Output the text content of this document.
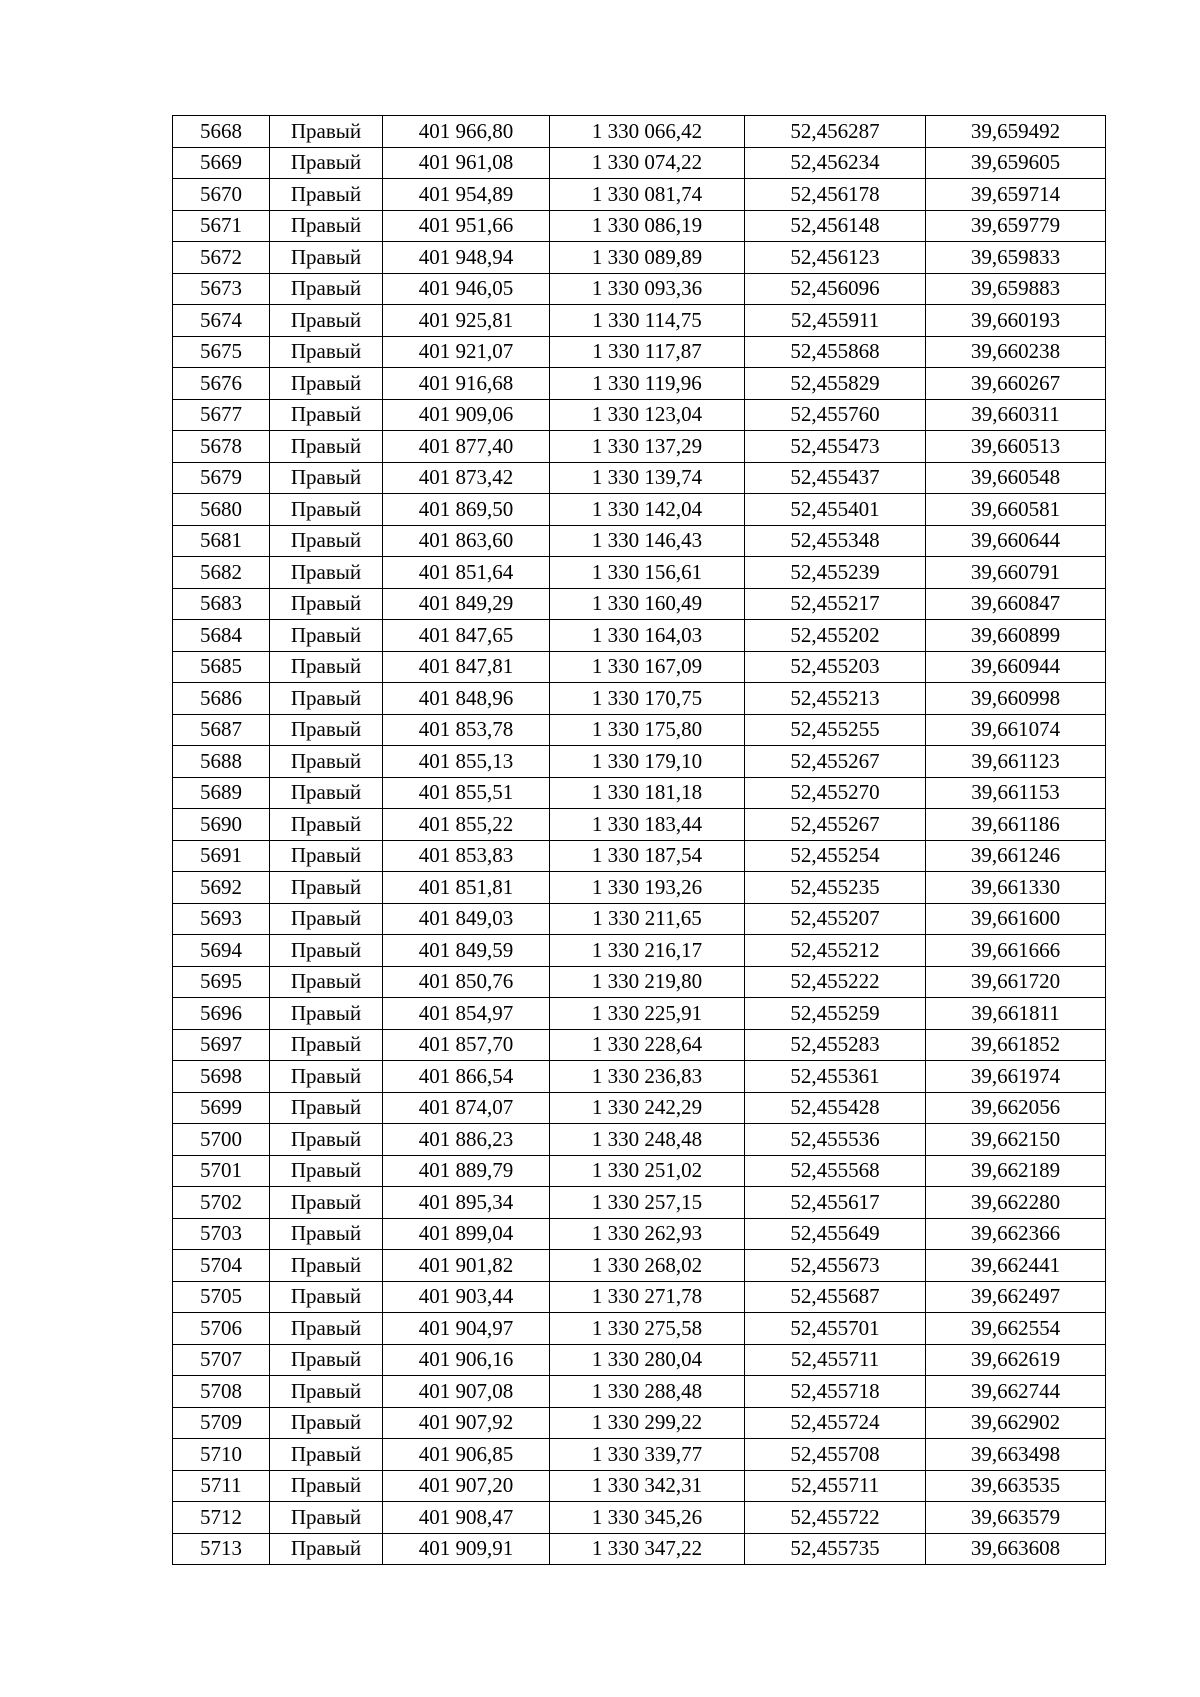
5668	Правый	401 966,80	1 330 066,42	52,456287	39,659492
5669	Правый	401 961,08	1 330 074,22	52,456234	39,659605
5670	Правый	401 954,89	1 330 081,74	52,456178	39,659714
5671	Правый	401 951,66	1 330 086,19	52,456148	39,659779
5672	Правый	401 948,94	1 330 089,89	52,456123	39,659833
5673	Правый	401 946,05	1 330 093,36	52,456096	39,659883
5674	Правый	401 925,81	1 330 114,75	52,455911	39,660193
5675	Правый	401 921,07	1 330 117,87	52,455868	39,660238
5676	Правый	401 916,68	1 330 119,96	52,455829	39,660267
5677	Правый	401 909,06	1 330 123,04	52,455760	39,660311
5678	Правый	401 877,40	1 330 137,29	52,455473	39,660513
5679	Правый	401 873,42	1 330 139,74	52,455437	39,660548
5680	Правый	401 869,50	1 330 142,04	52,455401	39,660581
5681	Правый	401 863,60	1 330 146,43	52,455348	39,660644
5682	Правый	401 851,64	1 330 156,61	52,455239	39,660791
5683	Правый	401 849,29	1 330 160,49	52,455217	39,660847
5684	Правый	401 847,65	1 330 164,03	52,455202	39,660899
5685	Правый	401 847,81	1 330 167,09	52,455203	39,660944
5686	Правый	401 848,96	1 330 170,75	52,455213	39,660998
5687	Правый	401 853,78	1 330 175,80	52,455255	39,661074
5688	Правый	401 855,13	1 330 179,10	52,455267	39,661123
5689	Правый	401 855,51	1 330 181,18	52,455270	39,661153
5690	Правый	401 855,22	1 330 183,44	52,455267	39,661186
5691	Правый	401 853,83	1 330 187,54	52,455254	39,661246
5692	Правый	401 851,81	1 330 193,26	52,455235	39,661330
5693	Правый	401 849,03	1 330 211,65	52,455207	39,661600
5694	Правый	401 849,59	1 330 216,17	52,455212	39,661666
5695	Правый	401 850,76	1 330 219,80	52,455222	39,661720
5696	Правый	401 854,97	1 330 225,91	52,455259	39,661811
5697	Правый	401 857,70	1 330 228,64	52,455283	39,661852
5698	Правый	401 866,54	1 330 236,83	52,455361	39,661974
5699	Правый	401 874,07	1 330 242,29	52,455428	39,662056
5700	Правый	401 886,23	1 330 248,48	52,455536	39,662150
5701	Правый	401 889,79	1 330 251,02	52,455568	39,662189
5702	Правый	401 895,34	1 330 257,15	52,455617	39,662280
5703	Правый	401 899,04	1 330 262,93	52,455649	39,662366
5704	Правый	401 901,82	1 330 268,02	52,455673	39,662441
5705	Правый	401 903,44	1 330 271,78	52,455687	39,662497
5706	Правый	401 904,97	1 330 275,58	52,455701	39,662554
5707	Правый	401 906,16	1 330 280,04	52,455711	39,662619
5708	Правый	401 907,08	1 330 288,48	52,455718	39,662744
5709	Правый	401 907,92	1 330 299,22	52,455724	39,662902
5710	Правый	401 906,85	1 330 339,77	52,455708	39,663498
5711	Правый	401 907,20	1 330 342,31	52,455711	39,663535
5712	Правый	401 908,47	1 330 345,26	52,455722	39,663579
5713	Правый	401 909,91	1 330 347,22	52,455735	39,663608
